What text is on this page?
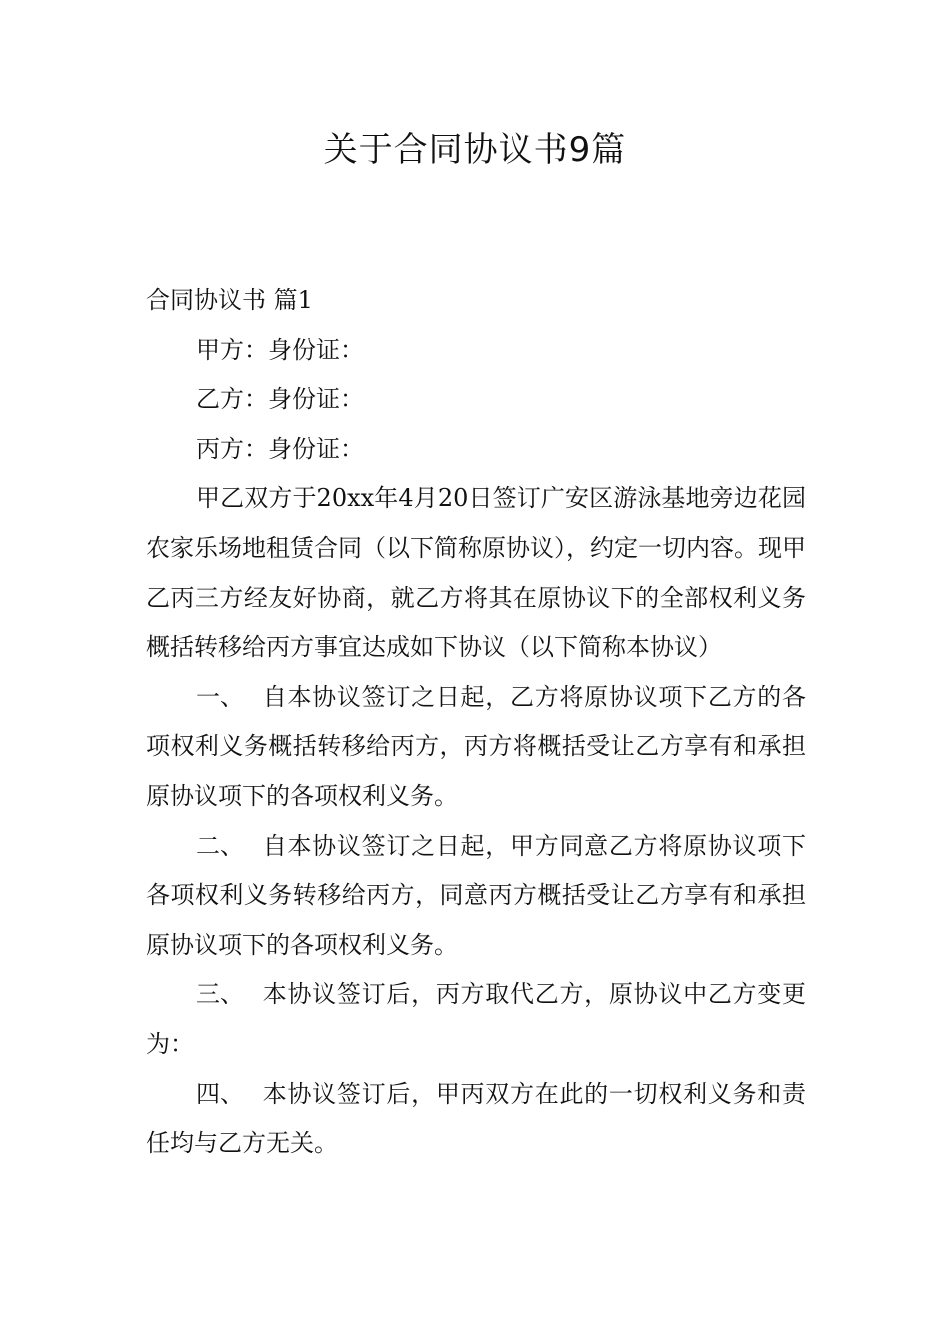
关于合同协议书9篇

合同协议书 篇1

甲方：身份证：

乙方：身份证：

丙方：身份证：

甲乙双方于20xx年4月20日签订广安区游泳基地旁边花园农家乐场地租赁合同（以下简称原协议），约定一切内容。现甲乙丙三方经友好协商，就乙方将其在原协议下的全部权利义务概括转移给丙方事宜达成如下协议（以下简称本协议）

一、 自本协议签订之日起，乙方将原协议项下乙方的各项权利义务概括转移给丙方，丙方将概括受让乙方享有和承担原协议项下的各项权利义务。

二、 自本协议签订之日起，甲方同意乙方将原协议项下各项权利义务转移给丙方，同意丙方概括受让乙方享有和承担原协议项下的各项权利义务。

三、 本协议签订后，丙方取代乙方，原协议中乙方变更为：

四、 本协议签订后，甲丙双方在此的一切权利义务和责任均与乙方无关。
